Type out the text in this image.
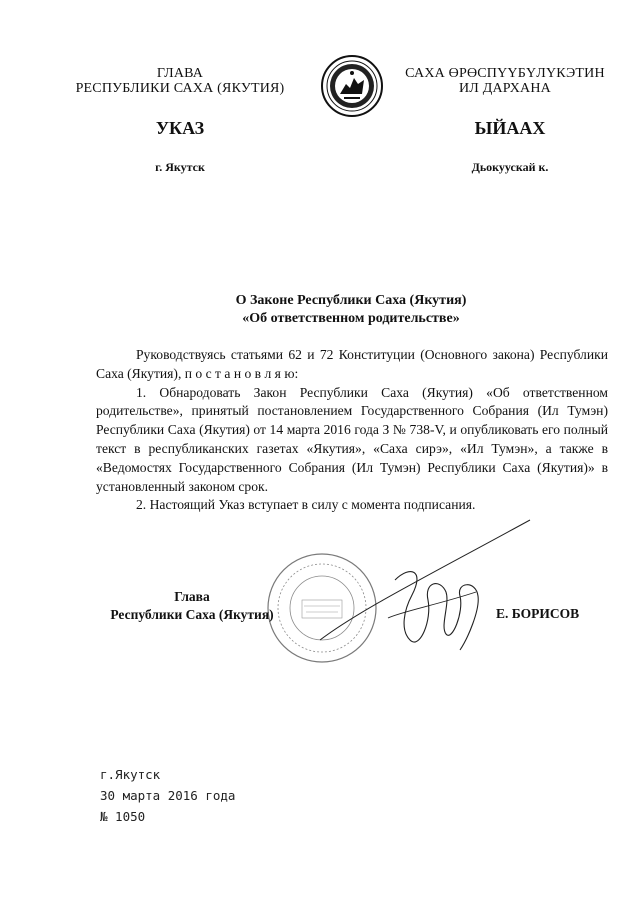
ГЛАВА
РЕСПУБЛИКИ САХА (ЯКУТИЯ)
САХА ӨРӨСПҮҮБҮЛҮКЭТИН
ИЛ ДАРХАНА
УКАЗ	ЫЙААХ
г. Якутск	Дьокуускай к.
О Законе Республики Саха (Якутия)
«Об ответственном родительстве»

Руководствуясь статьями 62 и 72 Конституции (Основного закона) Республики Саха (Якутия), п о с т а н о в л я ю:

1. Обнародовать Закон Республики Саха (Якутия) «Об ответственном родительстве», принятый постановлением Государственного Собрания (Ил Тумэн) Республики Саха (Якутия) от 14 марта 2016 года З № 738-V, и опубликовать его полный текст в республиканских газетах «Якутия», «Саха сирэ», «Ил Тумэн», а также в «Ведомостях Государственного Собрания (Ил Тумэн) Республики Саха (Якутия)» в установленный законом срок.

2. Настоящий Указ вступает в силу с момента подписания.

Глава
Республики Саха (Якутия)	Е. БОРИСОВ
г.Якутск
30 марта 2016 года
№ 1050
